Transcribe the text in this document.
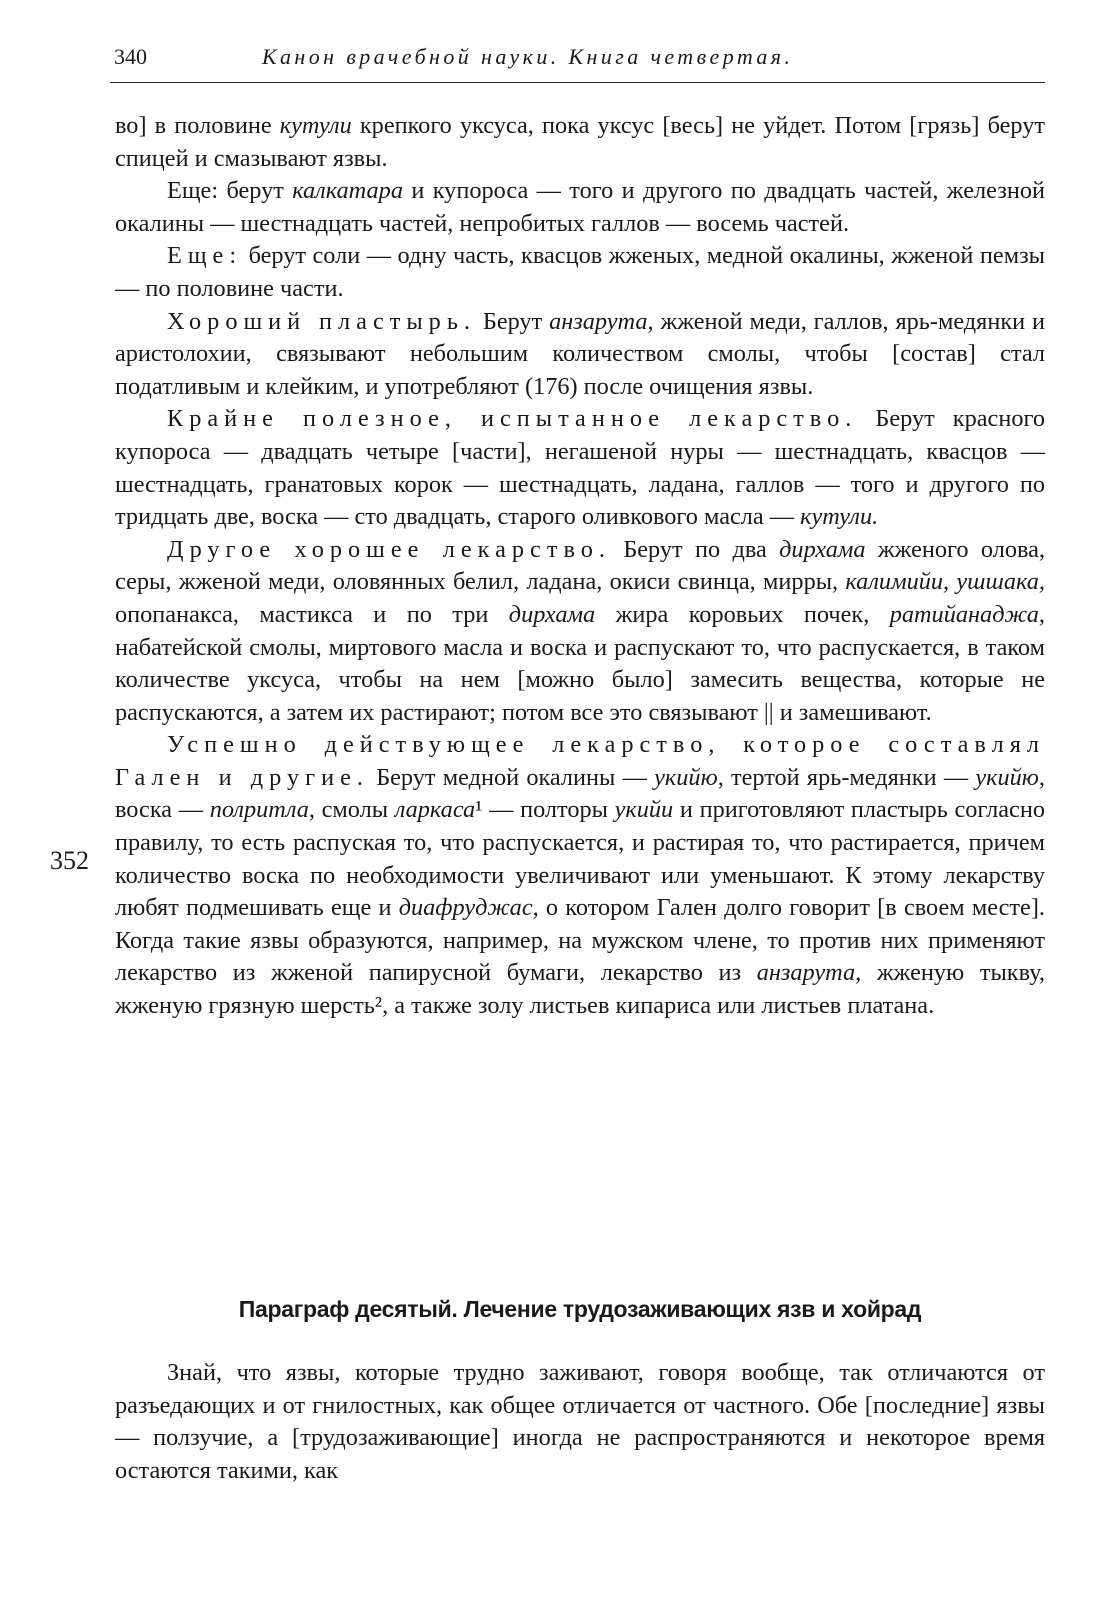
340	Канон врачебной науки. Книга четвертая.
352

во] в половине кутули крепкого уксуса, пока уксус [весь] не уйдет. Потом [грязь] берут спицей и смазывают язвы.

Еще: берут калкатара и купороса — того и другого по двадцать частей, железной окалины — шестнадцать частей, непробитых галлов — восемь частей.

Еще: берут соли — одну часть, квасцов жженых, медной окалины, жженой пемзы — по половине части.

Хороший пластырь. Берут анзарута, жженой меди, галлов, ярь-медянки и аристолохии, связывают небольшим количеством смолы, чтобы [состав] стал податливым и клейким, и употребляют (176) после очищения язвы.

Крайне полезное, испытанное лекарство. Берут красного купороса — двадцать четыре [части], негашеной нуры — шестнадцать, квасцов — шестнадцать, гранатовых корок — шестнадцать, ладана, галлов — того и другого по тридцать две, воска — сто двадцать, старого оливкового масла — кутули.

Другое хорошее лекарство. Берут по два дирхама жженого олова, серы, жженой меди, оловянных белил, ладана, окиси свинца, мирры, калимийи, ушшака, опопанакса, мастикса и по три дирхама жира коровьих почек, ратийанаджа, набатейской смолы, миртового масла и воска и распускают то, что распускается, в таком количестве уксуса, чтобы на нем [можно было] замесить вещества, которые не распускаются, а затем их растирают; потом все это связывают || и замешивают.

Успешно действующее лекарство, которое составлял Гален и другие. Берут медной окалины — укийю, тертой ярь-медянки — укийю, воска — полритла, смолы ларкаса¹ — полторы укийи и приготовляют пластырь согласно правилу, то есть распуская то, что распускается, и растирая то, что растирается, причем количество воска по необходимости увеличивают или уменьшают. К этому лекарству любят подмешивать еще и диафруджас, о котором Гален долго говорит [в своем месте]. Когда такие язвы образуются, например, на мужском члене, то против них применяют лекарство из жженой папирусной бумаги, лекарство из анзарута, жженую тыкву, жженую грязную шерсть², а также золу листьев кипариса или листьев платана.

Параграф десятый. Лечение трудозаживающих язв и хойрад

Знай, что язвы, которые трудно заживают, говоря вообще, так отличаются от разъедающих и от гнилостных, как общее отличается от частного. Обе [последние] язвы — ползучие, а [трудозаживающие] иногда не распространяются и некоторое время остаются такими, как
